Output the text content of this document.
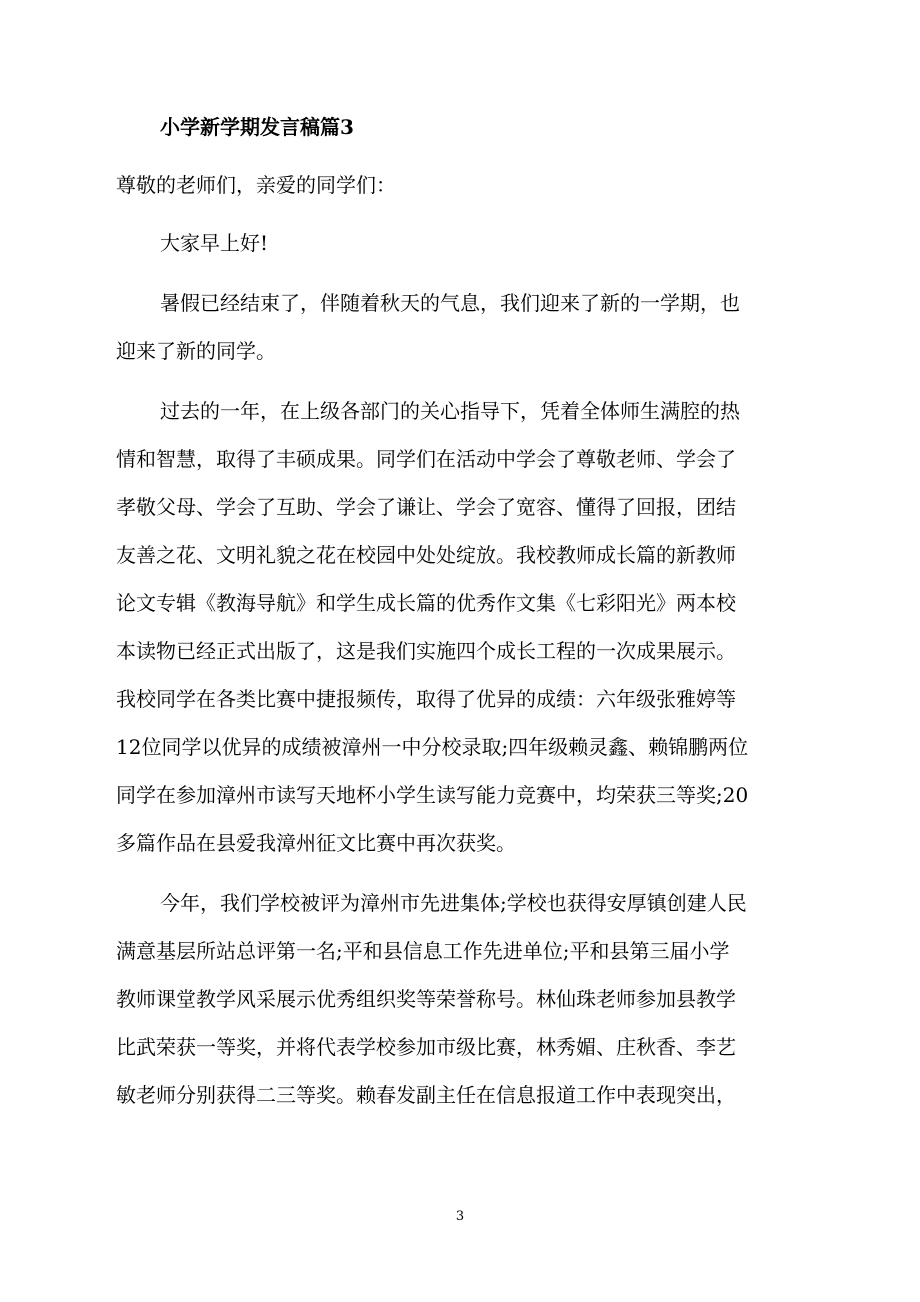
小学新学期发言稿篇3
尊敬的老师们，亲爱的同学们：
大家早上好!
暑假已经结束了，伴随着秋天的气息，我们迎来了新的一学期，也
迎来了新的同学。
过去的一年，在上级各部门的关心指导下，凭着全体师生满腔的热
情和智慧，取得了丰硕成果。同学们在活动中学会了尊敬老师、学会了
孝敬父母、学会了互助、学会了谦让、学会了宽容、懂得了回报，团结
友善之花、文明礼貌之花在校园中处处绽放。我校教师成长篇的新教师
论文专辑《教海导航》和学生成长篇的优秀作文集《七彩阳光》两本校
本读物已经正式出版了，这是我们实施四个成长工程的一次成果展示。
我校同学在各类比赛中捷报频传，取得了优异的成绩：六年级张雅婷等
12位同学以优异的成绩被漳州一中分校录取;四年级赖灵鑫、赖锦鹏两位
同学在参加漳州市读写天地杯小学生读写能力竞赛中，均荣获三等奖;20
多篇作品在县爱我漳州征文比赛中再次获奖。
今年，我们学校被评为漳州市先进集体;学校也获得安厚镇创建人民
满意基层所站总评第一名;平和县信息工作先进单位;平和县第三届小学
教师课堂教学风采展示优秀组织奖等荣誉称号。林仙珠老师参加县教学
比武荣获一等奖，并将代表学校参加市级比赛，林秀媚、庄秋香、李艺
敏老师分别获得二三等奖。赖春发副主任在信息报道工作中表现突出，
3
